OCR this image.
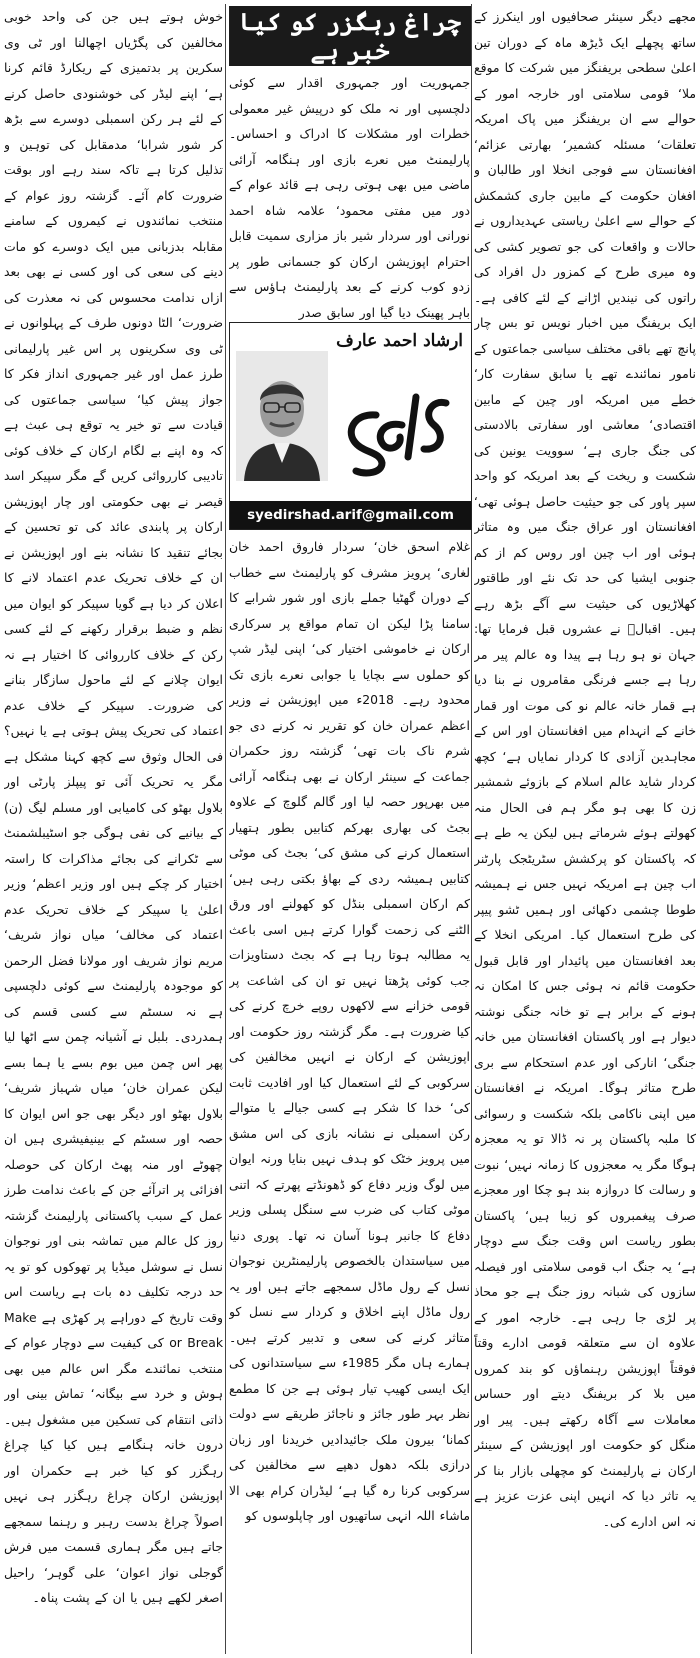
مجھے دیگر سینئر صحافیوں اور اینکرز کے ساتھ پچھلے ایک ڈیڑھ ماہ کے دوران تین اعلیٰ سطحی بریفنگز میں شرکت کا موقع ملا‘ قومی سلامتی اور خارجہ امور کے حوالے سے ان بریفنگز میں پاک امریکہ تعلقات‘ مسئلہ کشمیر‘ بھارتی عزائم‘ افغانستان سے فوجی انخلا اور طالبان و افغان حکومت کے مابین جاری کشمکش کے حوالے سے اعلیٰ ریاستی عہدیداروں نے حالات و واقعات کی جو تصویر کشی کی وہ میری طرح کے کمزور دل افراد کی راتوں کی نیندیں اڑانے کے لئے کافی ہے۔ ایک بریفنگ میں اخبار نویس تو بس چار پانچ تھے باقی مختلف سیاسی جماعتوں کے نامور نمائندے تھے یا سابق سفارت کار‘ خطے میں امریکہ اور چین کے مابین اقتصادی‘ معاشی اور سفارتی بالادستی کی جنگ جاری ہے‘ سوویت یونین کی شکست و ریخت کے بعد امریکہ کو واحد سپر پاور کی جو حیثیت حاصل ہوئی تھی‘ افغانستان اور عراق جنگ میں وہ متاثر ہوئی اور اب چین اور روس کم از کم جنوبی ایشیا کی حد تک نئے اور طاقتور کھلاڑیوں کی حیثیت سے آگے بڑھ رہے ہیں۔ اقبالؒ نے عشروں قبل فرمایا تھا: جہان نو ہو رہا ہے پیدا وہ عالم پیر مر رہا ہے جسے فرنگی مقامروں نے بنا دیا ہے قمار خانہ عالم نو کی موت اور قمار خانے کے انہدام میں افغانستان اور اس کے مجاہدین آزادی کا کردار نمایاں ہے‘ کچھ کردار شاید عالم اسلام کے بازوئے شمشیر زن کا بھی ہو مگر ہم فی الحال منہ کھولتے ہوئے شرماتے ہیں لیکن یہ طے ہے کہ پاکستان کو پرکشش سٹریٹجک پارٹنر اب چین ہے امریکہ نہیں جس نے ہمیشہ طوطا چشمی دکھائی اور ہمیں ٹشو پیپر کی طرح استعمال کیا۔ امریکی انخلا کے بعد افغانستان میں پائیدار اور قابل قبول حکومت قائم نہ ہوئی جس کا امکان نہ ہونے کے برابر ہے تو خانہ جنگی نوشتہ دیوار ہے اور پاکستان افغانستان میں خانہ جنگی‘ انارکی اور عدم استحکام سے بری طرح متاثر ہوگا۔ امریکہ نے افغانستان میں اپنی ناکامی بلکہ شکست و رسوائی کا ملبہ پاکستان پر نہ ڈالا تو یہ معجزہ ہوگا مگر یہ معجزوں کا زمانہ نہیں‘ نبوت و رسالت کا دروازہ بند ہو چکا اور معجزے صرف پیغمبروں کو زیبا ہیں‘ پاکستان بطور ریاست اس وقت جنگ سے دوچار ہے‘ یہ جنگ اب قومی سلامتی اور فیصلہ سازوں کی شبانہ روز جنگ ہے جو محاذ پر لڑی جا رہی ہے۔ خارجہ امور کے علاوہ ان سے متعلقہ قومی ادارے وقتاً فوقتاً اپوزیشن رہنماؤں کو بند کمروں میں بلا کر بریفنگ دیتے اور حساس معاملات سے آگاہ رکھتے ہیں۔ پیر اور منگل کو حکومت اور اپوزیشن کے سینئر ارکان نے پارلیمنٹ کو مچھلی بازار بنا کر یہ تاثر دیا کہ انہیں اپنی عزت عزیز ہے نہ اس ادارے کی۔

جمہوریت اور جمہوری اقدار سے کوئی دلچسپی اور نہ ملک کو درپیش غیر معمولی خطرات اور مشکلات کا ادراک و احساس۔ پارلیمنٹ میں نعرے بازی اور ہنگامہ آرائی ماضی میں بھی ہوتی رہی ہے قائد عوام کے دور میں مفتی محمود‘ علامہ شاہ احمد نورانی اور سردار شیر باز مزاری سمیت قابل احترام اپوزیشن ارکان کو جسمانی طور پر زدو کوب کرنے کے بعد پارلیمنٹ ہاؤس سے باہر پھینک دیا گیا اور سابق صدر

غلام اسحق خان‘ سردار فاروق احمد خان لغاری‘ پرویز مشرف کو پارلیمنٹ سے خطاب کے دوران گھٹیا جملے بازی اور شور شرابے کا سامنا پڑا لیکن ان تمام مواقع پر سرکاری ارکان نے خاموشی اختیار کی‘ اپنی لیڈر شپ کو حملوں سے بچایا یا جوابی نعرے بازی تک محدود رہے۔ 2018ء میں اپوزیشن نے وزیر اعظم عمران خان کو تقریر نہ کرنے دی جو شرم ناک بات تھی‘ گزشتہ روز حکمران جماعت کے سینئر ارکان نے بھی ہنگامہ آرائی میں بھرپور حصہ لیا اور گالم گلوچ کے علاوہ بجٹ کی بھاری بھرکم کتابیں بطور ہتھیار استعمال کرنے کی مشق کی‘ بجٹ کی موٹی کتابیں ہمیشہ ردی کے بھاؤ بکتی رہی ہیں‘ کم ارکان اسمبلی بنڈل کو کھولنے اور ورق الٹنے کی زحمت گوارا کرتے ہیں اسی باعث یہ مطالبہ ہوتا رہا ہے کہ بجٹ دستاویزات جب کوئی پڑھتا نہیں تو ان کی اشاعت پر قومی خزانے سے لاکھوں روپے خرچ کرنے کی کیا ضرورت ہے۔ مگر گزشتہ روز حکومت اور اپوزیشن کے ارکان نے انہیں مخالفین کی سرکوبی کے لئے استعمال کیا اور افادیت ثابت کی‘ خدا کا شکر ہے کسی جیالے یا متوالے رکن اسمبلی نے نشانہ بازی کی اس مشق میں پرویز خٹک کو ہدف نہیں بنایا ورنہ ایوان میں لوگ وزیر دفاع کو ڈھونڈتے پھرتے کہ اتنی موٹی کتاب کی ضرب سے سنگل پسلی وزیر دفاع کا جانبر ہونا آسان نہ تھا۔ پوری دنیا میں سیاستدان بالخصوص پارلیمنٹرین نوجوان نسل کے رول ماڈل سمجھے جاتے ہیں اور یہ رول ماڈل اپنے اخلاق و کردار سے نسل کو متاثر کرنے کی سعی و تدبیر کرتے ہیں۔ ہمارے ہاں مگر 1985ء سے سیاستدانوں کی ایک ایسی کھیپ تیار ہوئی ہے جن کا مطمع نظر بہر طور جائز و ناجائز طریقے سے دولت کمانا‘ بیرون ملک جائیدادیں خریدنا اور زبان درازی بلکہ دھول دھپے سے مخالفین کی سرکوبی کرنا رہ گیا ہے‘ لیڈران کرام بھی الا ماشاء اللہ انہی ساتھیوں اور چاپلوسوں کو

خوش ہوتے ہیں جن کی واحد خوبی مخالفین کی پگڑیاں اچھالنا اور ٹی وی سکرین پر بدتمیزی کے ریکارڈ قائم کرنا ہے‘ اپنے لیڈر کی خوشنودی حاصل کرنے کے لئے ہر رکن اسمبلی دوسرے سے بڑھ کر شور شرابا‘ مدمقابل کی توہین و تذلیل کرتا ہے تاکہ سند رہے اور بوقت ضرورت کام آئے۔ گزشتہ روز عوام کے منتخب نمائندوں نے کیمروں کے سامنے مقابلہ بدزبانی میں ایک دوسرے کو مات دینے کی سعی کی اور کسی نے بھی بعد ازاں ندامت محسوس کی نہ معذرت کی ضرورت‘ الٹا دونوں طرف کے پہلوانوں نے ٹی وی سکرینوں پر اس غیر پارلیمانی طرز عمل اور غیر جمہوری انداز فکر کا جواز پیش کیا‘ سیاسی جماعتوں کی قیادت سے تو خیر یہ توقع ہی عبث ہے کہ وہ اپنے بے لگام ارکان کے خلاف کوئی تادیبی کارروائی کریں گے مگر سپیکر اسد قیصر نے بھی حکومتی اور چار اپوزیشن ارکان پر پابندی عائد کی تو تحسین کے بجائے تنقید کا نشانہ بنے اور اپوزیشن نے ان کے خلاف تحریک عدم اعتماد لانے کا اعلان کر دیا ہے گویا سپیکر کو ایوان میں نظم و ضبط برقرار رکھنے کے لئے کسی رکن کے خلاف کارروائی کا اختیار ہے نہ ایوان چلانے کے لئے ماحول سازگار بنانے کی ضرورت۔ سپیکر کے خلاف عدم اعتماد کی تحریک پیش ہوتی ہے یا نہیں؟ فی الحال وثوق سے کچھ کہنا مشکل ہے مگر یہ تحریک آئی تو پیپلز پارٹی اور بلاول بھٹو کی کامیابی اور مسلم لیگ (ن) کے بیانیے کی نفی ہوگی جو اسٹیبلشمنٹ سے ٹکرانے کی بجائے مذاکرات کا راستہ اختیار کر چکے ہیں اور وزیر اعظم‘ وزیر اعلیٰ یا سپیکر کے خلاف تحریک عدم اعتماد کی مخالف‘ میاں نواز شریف‘ مریم نواز شریف اور مولانا فضل الرحمن کو موجودہ پارلیمنٹ سے کوئی دلچسپی ہے نہ سسٹم سے کسی قسم کی ہمدردی۔ بلبل نے آشیانہ چمن سے اٹھا لیا پھر اس چمن میں بوم بسے یا ہما بسے لیکن عمران خان‘ میاں شہباز شریف‘ بلاول بھٹو اور دیگر بھی جو اس ایوان کا حصہ اور سسٹم کے بینیفیشری ہیں ان چھوٹے اور منہ پھٹ ارکان کی حوصلہ افزائی پر اترآئے جن کے باعث ندامت طرز عمل کے سبب پاکستانی پارلیمنٹ گزشتہ روز کل عالم میں تماشہ بنی اور نوجوان نسل نے سوشل میڈیا پر تھوکوں کو تو یہ حد درجہ تکلیف دہ بات ہے ریاست اس وقت تاریخ کے دوراہے پر کھڑی ہے Make or Break کی کیفیت سے دوچار عوام کے منتخب نمائندے مگر اس عالم میں بھی ہوش و خرد سے بیگانہ‘ تماش بینی اور ذاتی انتقام کی تسکین میں مشغول ہیں۔ درون خانہ ہنگامے ہیں کیا کیا چراغ رہگزر کو کیا خبر ہے حکمران اور اپوزیشن ارکان چراغ رہگزر ہی نہیں اصولاً چراغ بدست رہبر و رہنما سمجھے جاتے ہیں مگر ہماری قسمت میں فرش گوجلی نواز اعوان‘ علی گوہر‘ راحیل اصغر لکھے ہیں یا ان کے پشت پناہ۔

چراغ رہگزر کو کیا خبر ہے
ارشاد احمد عارف
syedirshad.arif@gmail.com
